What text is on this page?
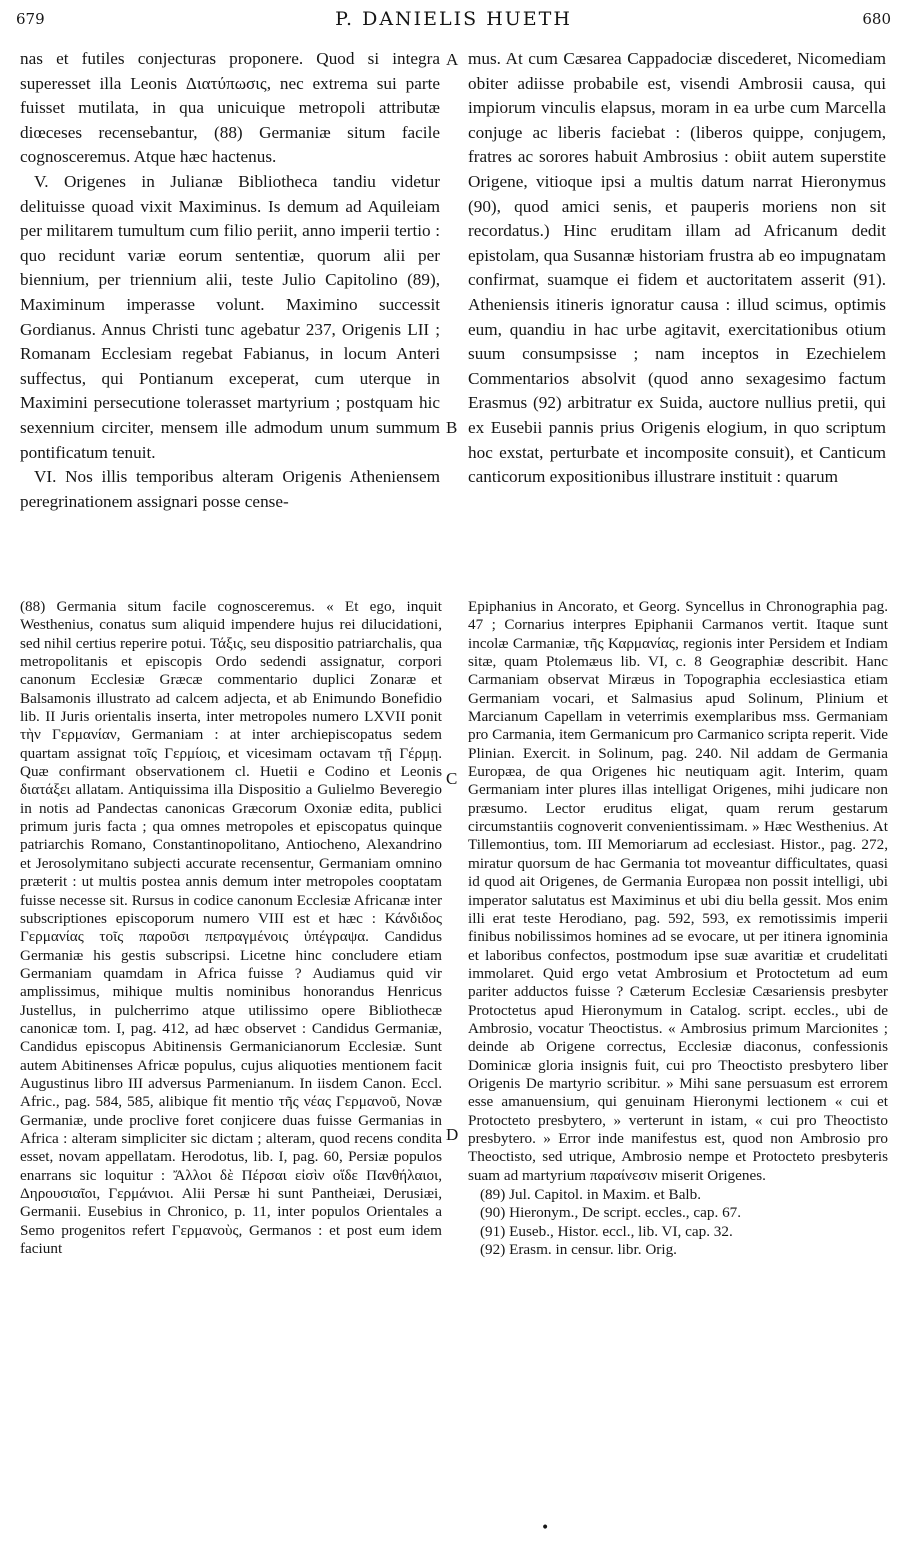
679	P. DANIELIS HUETH	680

nas et futiles conjecturas proponere. Quod si integra superesset illa Leonis Διατύπωσις, nec extrema sui parte fuisset mutilata, in qua unicuique metropoli attributæ diœceses recensebantur, (88) Germaniæ situm facile cognosceremus. Atque hæc hactenus.

V. Origenes in Julianæ Bibliotheca tandiu videtur delituisse quoad vixit Maximinus. Is demum ad Aquileiam per militarem tumultum cum filio periit, anno imperii tertio : quo recidunt variæ eorum sententiæ, quorum alii per biennium, per triennium alii, teste Julio Capitolino (89), Maximinum imperasse volunt. Maximino successit Gordianus. Annus Christi tunc agebatur 237, Origenis LII ; Romanam Ecclesiam regebat Fabianus, in locum Anteri suffectus, qui Pontianum exceperat, cum uterque in Maximini persecutione tolerasset martyrium ; postquam hic sexennium circiter, mensem ille admodum unum summum pontificatum tenuit.

VI. Nos illis temporibus alteram Origenis Atheniensem peregrinationem assignari posse cense-

A
B
C
D

mus. At cum Cæsarea Cappadociæ discederet, Nicomediam obiter adiisse probabile est, visendi Ambrosii causa, qui impiorum vinculis elapsus, moram in ea urbe cum Marcella conjuge ac liberis faciebat : (liberos quippe, conjugem, fratres ac sorores habuit Ambrosius : obiit autem superstite Origene, vitioque ipsi a multis datum narrat Hieronymus (90), quod amici senis, et pauperis moriens non sit recordatus.) Hinc eruditam illam ad Africanum dedit epistolam, qua Susannæ historiam frustra ab eo impugnatam confirmat, suamque ei fidem et auctoritatem asserit (91). Atheniensis itineris ignoratur causa : illud scimus, optimis eum, quandiu in hac urbe agitavit, exercitationibus otium suum consumpsisse ; nam inceptos in Ezechielem Commentarios absolvit (quod anno sexagesimo factum Erasmus (92) arbitratur ex Suida, auctore nullius pretii, qui ex Eusebii pannis prius Origenis elogium, in quo scriptum hoc exstat, perturbate et incomposite consuit), et Canticum canticorum expositionibus illustrare instituit : quarum

(88) Germania situm facile cognosceremus. « Et ego, inquit Westhenius, conatus sum aliquid impendere hujus rei dilucidationi, sed nihil certius reperire potui. Τάξις, seu dispositio patriarchalis, qua metropolitanis et episcopis Ordo sedendi assignatur, corpori canonum Ecclesiæ Græcæ commentario duplici Zonaræ et Balsamonis illustrato ad calcem adjecta, et ab Enimundo Bonefidio lib. II Juris orientalis inserta, inter metropoles numero LXVII ponit τὴν Γερμανίαν, Germaniam : at inter archiepiscopatus sedem quartam assignat τοῖς Γερμίοις, et vicesimam octavam τῇ Γέρμῃ. Quæ confirmant observationem cl. Huetii e Codino et Leonis διατάξει allatam. Antiquissima illa Dispositio a Gulielmo Beveregio in notis ad Pandectas canonicas Græcorum Oxoniæ edita, publici primum juris facta ; qua omnes metropoles et episcopatus quinque patriarchis Romano, Constantinopolitano, Antiocheno, Alexandrino et Jerosolymitano subjecti accurate recensentur, Germaniam omnino præterit : ut multis postea annis demum inter metropoles cooptatam fuisse necesse sit. Rursus in codice canonum Ecclesiæ Africanæ inter subscriptiones episcoporum numero VIII est et hæc : Κάνδιδος Γερμανίας τοῖς παροῦσι πεπραγμένοις ὑπέγραψα. Candidus Germaniæ his gestis subscripsi. Licetne hinc concludere etiam Germaniam quamdam in Africa fuisse ? Audiamus quid vir amplissimus, mihique multis nominibus honorandus Henricus Justellus, in pulcherrimo atque utilissimo opere Bibliothecæ canonicæ tom. I, pag. 412, ad hæc observet : Candidus Germaniæ, Candidus episcopus Abitinensis Germanicianorum Ecclesiæ. Sunt autem Abitinenses Africæ populus, cujus aliquoties mentionem facit Augustinus libro III adversus Parmenianum. In iisdem Canon. Eccl. Afric., pag. 584, 585, alibique fit mentio τῆς νέας Γερμανοῦ, Novæ Germaniæ, unde proclive foret conjicere duas fuisse Germanias in Africa : alteram simpliciter sic dictam ; alteram, quod recens condita esset, novam appellatam. Herodotus, lib. I, pag. 60, Persiæ populos enarrans sic loquitur : Ἄλλοι δὲ Πέρσαι εἰσὶν οἵδε Πανθήλαιοι, Δηρουσιαῖοι, Γερμάνιοι. Alii Persæ hi sunt Pantheiæi, Derusiæi, Germanii. Eusebius in Chronico, p. 11, inter populos Orientales a Semo progenitos refert Γερμανοὺς, Germanos : et post eum idem faciunt

Epiphanius in Ancorato, et Georg. Syncellus in Chronographia pag. 47 ; Cornarius interpres Epiphanii Carmanos vertit. Itaque sunt incolæ Carmaniæ, τῆς Καρμανίας, regionis inter Persidem et Indiam sitæ, quam Ptolemæus lib. VI, c. 8 Geographiæ describit. Hanc Carmaniam observat Miræus in Topographia ecclesiastica etiam Germaniam vocari, et Salmasius apud Solinum, Plinium et Marcianum Capellam in veterrimis exemplaribus mss. Germaniam pro Carmania, item Germanicum pro Carmanico scripta reperit. Vide Plinian. Exercit. in Solinum, pag. 240. Nil addam de Germania Europæa, de qua Origenes hic neutiquam agit. Interim, quam Germaniam inter plures illas intelligat Origenes, mihi judicare non præsumo. Lector eruditus eligat, quam rerum gestarum circumstantiis cognoverit convenientissimam. » Hæc Westhenius. At Tillemontius, tom. III Memoriarum ad ecclesiast. Histor., pag. 272, miratur quorsum de hac Germania tot moveantur difficultates, quasi id quod ait Origenes, de Germania Europæa non possit intelligi, ubi imperator salutatus est Maximinus et ubi diu bella gessit. Mos enim illi erat teste Herodiano, pag. 592, 593, ex remotissimis imperii finibus nobilissimos homines ad se evocare, ut per itinera ignominia et laboribus confectos, postmodum ipse suæ avaritiæ et crudelitati immolaret. Quid ergo vetat Ambrosium et Protoctetum ad eum pariter adductos fuisse ? Cæterum Ecclesiæ Cæsariensis presbyter Protoctetus apud Hieronymum in Catalog. script. eccles., ubi de Ambrosio, vocatur Theoctistus. « Ambrosius primum Marcionites ; deinde ab Origene correctus, Ecclesiæ diaconus, confessionis Dominicæ gloria insignis fuit, cui pro Theoctisto presbytero liber Origenis De martyrio scribitur. » Mihi sane persuasum est errorem esse amanuensium, qui genuinam Hieronymi lectionem « cui et Protocteto presbytero, » verterunt in istam, « cui pro Theoctisto presbytero. » Error inde manifestus est, quod non Ambrosio pro Theoctisto, sed utrique, Ambrosio nempe et Protocteto presbyteris suam ad martyrium παραίνεσιν miserit Origenes.

(89) Jul. Capitol. in Maxim. et Balb.
(90) Hieronym., De script. eccles., cap. 67.
(91) Euseb., Histor. eccl., lib. VI, cap. 32.
(92) Erasm. in censur. libr. Orig.
•
